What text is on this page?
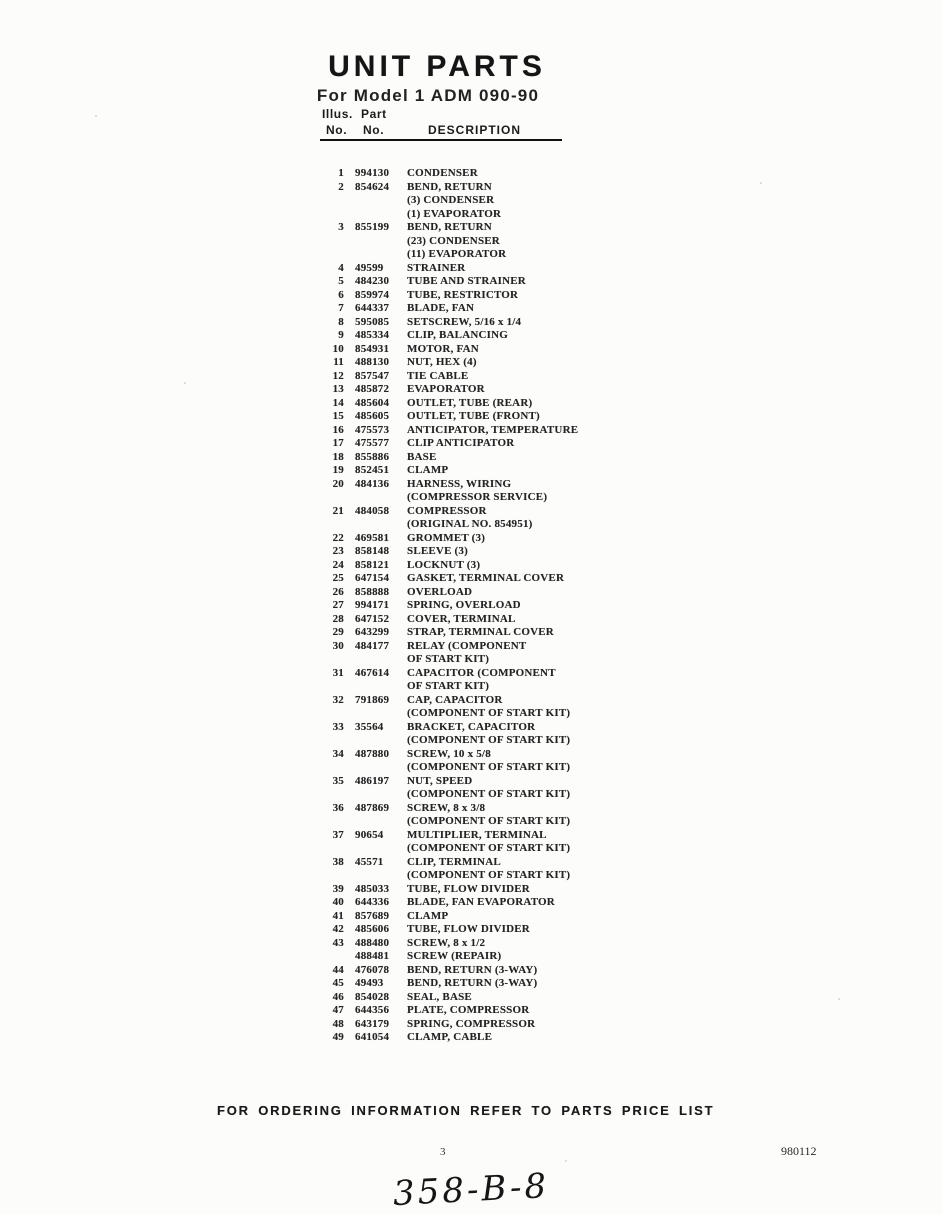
UNIT PARTS
For Model 1 ADM 090-90
Illus. Part
No. No.	DESCRIPTION
1 994130	CONDENSER
2 854624	BEND, RETURN
(3) CONDENSER
(1) EVAPORATOR
3 855199	BEND, RETURN
(23) CONDENSER
(11) EVAPORATOR
4 49599	STRAINER
5 484230	TUBE AND STRAINER
6 859974	TUBE, RESTRICTOR
7 644337	BLADE, FAN
8 595085	SETSCREW, 5/16 x 1/4
9 485334	CLIP, BALANCING
10 854931	MOTOR, FAN
11 488130	NUT, HEX (4)
12 857547	TIE CABLE
13 485872	EVAPORATOR
14 485604	OUTLET, TUBE (REAR)
15 485605	OUTLET, TUBE (FRONT)
16 475573	ANTICIPATOR, TEMPERATURE
17 475577	CLIP ANTICIPATOR
18 855886	BASE
19 852451	CLAMP
20 484136	HARNESS, WIRING
(COMPRESSOR SERVICE)
21 484058	COMPRESSOR
(ORIGINAL NO. 854951)
22 469581	GROMMET (3)
23 858148	SLEEVE (3)
24 858121	LOCKNUT (3)
25 647154	GASKET, TERMINAL COVER
26 858888	OVERLOAD
27 994171	SPRING, OVERLOAD
28 647152	COVER, TERMINAL
29 643299	STRAP, TERMINAL COVER
30 484177	RELAY (COMPONENT
OF START KIT)
31 467614	CAPACITOR (COMPONENT
OF START KIT)
32 791869	CAP, CAPACITOR
(COMPONENT OF START KIT)
33 35564	BRACKET, CAPACITOR
(COMPONENT OF START KIT)
34 487880	SCREW, 10 x 5/8
(COMPONENT OF START KIT)
35 486197	NUT, SPEED
(COMPONENT OF START KIT)
36 487869	SCREW, 8 x 3/8
(COMPONENT OF START KIT)
37 90654	MULTIPLIER, TERMINAL
(COMPONENT OF START KIT)
38 45571	CLIP, TERMINAL
(COMPONENT OF START KIT)
39 485033	TUBE, FLOW DIVIDER
40 644336	BLADE, FAN EVAPORATOR
41 857689	CLAMP
42 485606	TUBE, FLOW DIVIDER
43 488480	SCREW, 8 x 1/2
488481	SCREW (REPAIR)
44 476078	BEND, RETURN (3-WAY)
45 49493	BEND, RETURN (3-WAY)
46 854028	SEAL, BASE
47 644356	PLATE, COMPRESSOR
48 643179	SPRING, COMPRESSOR
49 641054	CLAMP, CABLE
FOR ORDERING INFORMATION REFER TO PARTS PRICE LIST
3	980112
358-B-8
